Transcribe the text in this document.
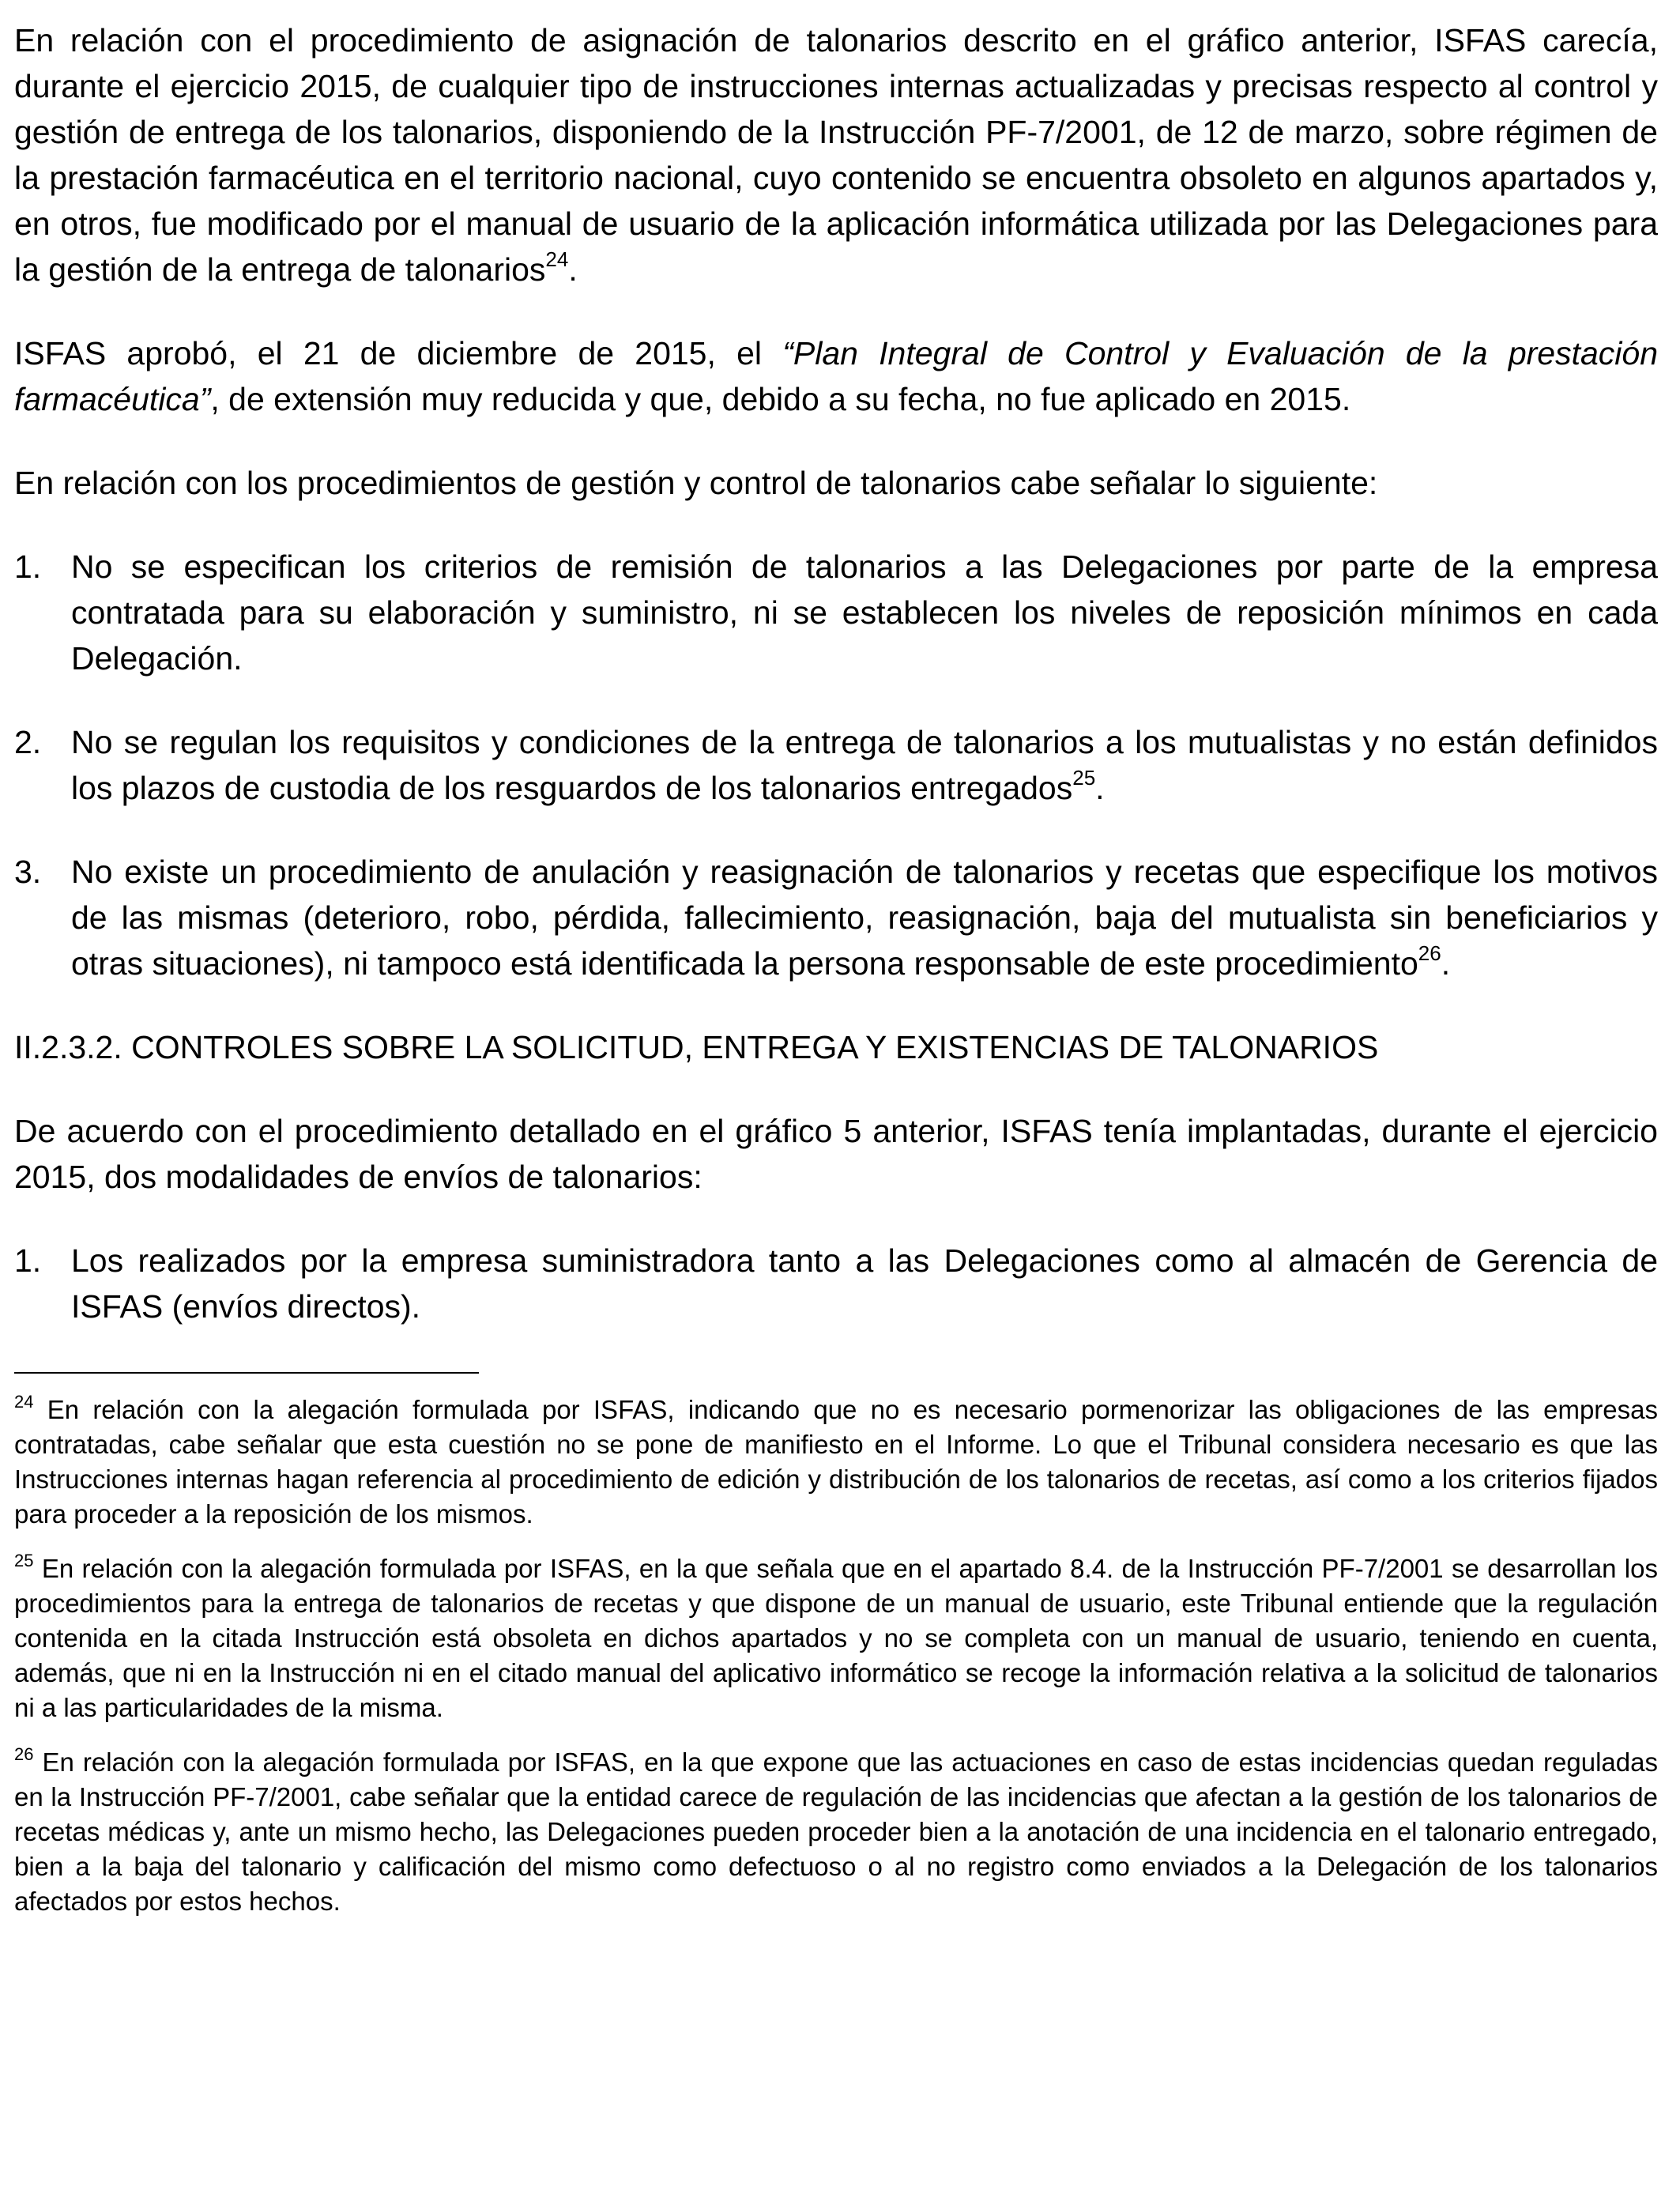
En relación con el procedimiento de asignación de talonarios descrito en el gráfico anterior, ISFAS carecía, durante el ejercicio 2015, de cualquier tipo de instrucciones internas actualizadas y precisas respecto al control y gestión de entrega de los talonarios, disponiendo de la Instrucción PF-7/2001, de 12 de marzo, sobre régimen de la prestación farmacéutica en el territorio nacional, cuyo contenido se encuentra obsoleto en algunos apartados y, en otros, fue modificado por el manual de usuario de la aplicación informática utilizada por las Delegaciones para la gestión de la entrega de talonarios$^{24}$.

ISFAS aprobó, el 21 de diciembre de 2015, el “Plan Integral de Control y Evaluación de la prestación farmacéutica”, de extensión muy reducida y que, debido a su fecha, no fue aplicado en 2015.

En relación con los procedimientos de gestión y control de talonarios cabe señalar lo siguiente:

1. No se especifican los criterios de remisión de talonarios a las Delegaciones por parte de la empresa contratada para su elaboración y suministro, ni se establecen los niveles de reposición mínimos en cada Delegación.
2. No se regulan los requisitos y condiciones de la entrega de talonarios a los mutualistas y no están definidos los plazos de custodia de los resguardos de los talonarios entregados$^{25}$.
3. No existe un procedimiento de anulación y reasignación de talonarios y recetas que especifique los motivos de las mismas (deterioro, robo, pérdida, fallecimiento, reasignación, baja del mutualista sin beneficiarios y otras situaciones), ni tampoco está identificada la persona responsable de este procedimiento$^{26}$.

II.2.3.2. CONTROLES SOBRE LA SOLICITUD, ENTREGA Y EXISTENCIAS DE TALONARIOS

De acuerdo con el procedimiento detallado en el gráfico 5 anterior, ISFAS tenía implantadas, durante el ejercicio 2015, dos modalidades de envíos de talonarios:

1. Los realizados por la empresa suministradora tanto a las Delegaciones como al almacén de Gerencia de ISFAS (envíos directos).

$^{24}$ En relación con la alegación formulada por ISFAS, indicando que no es necesario pormenorizar las obligaciones de las empresas contratadas, cabe señalar que esta cuestión no se pone de manifiesto en el Informe. Lo que el Tribunal considera necesario es que las Instrucciones internas hagan referencia al procedimiento de edición y distribución de los talonarios de recetas, así como a los criterios fijados para proceder a la reposición de los mismos.

$^{25}$ En relación con la alegación formulada por ISFAS, en la que señala que en el apartado 8.4. de la Instrucción PF-7/2001 se desarrollan los procedimientos para la entrega de talonarios de recetas y que dispone de un manual de usuario, este Tribunal entiende que la regulación contenida en la citada Instrucción está obsoleta en dichos apartados y no se completa con un manual de usuario, teniendo en cuenta, además, que ni en la Instrucción ni en el citado manual del aplicativo informático se recoge la información relativa a la solicitud de talonarios ni a las particularidades de la misma.

$^{26}$ En relación con la alegación formulada por ISFAS, en la que expone que las actuaciones en caso de estas incidencias quedan reguladas en la Instrucción PF-7/2001, cabe señalar que la entidad carece de regulación de las incidencias que afectan a la gestión de los talonarios de recetas médicas y, ante un mismo hecho, las Delegaciones pueden proceder bien a la anotación de una incidencia en el talonario entregado, bien a la baja del talonario y calificación del mismo como defectuoso o al no registro como enviados a la Delegación de los talonarios afectados por estos hechos.
